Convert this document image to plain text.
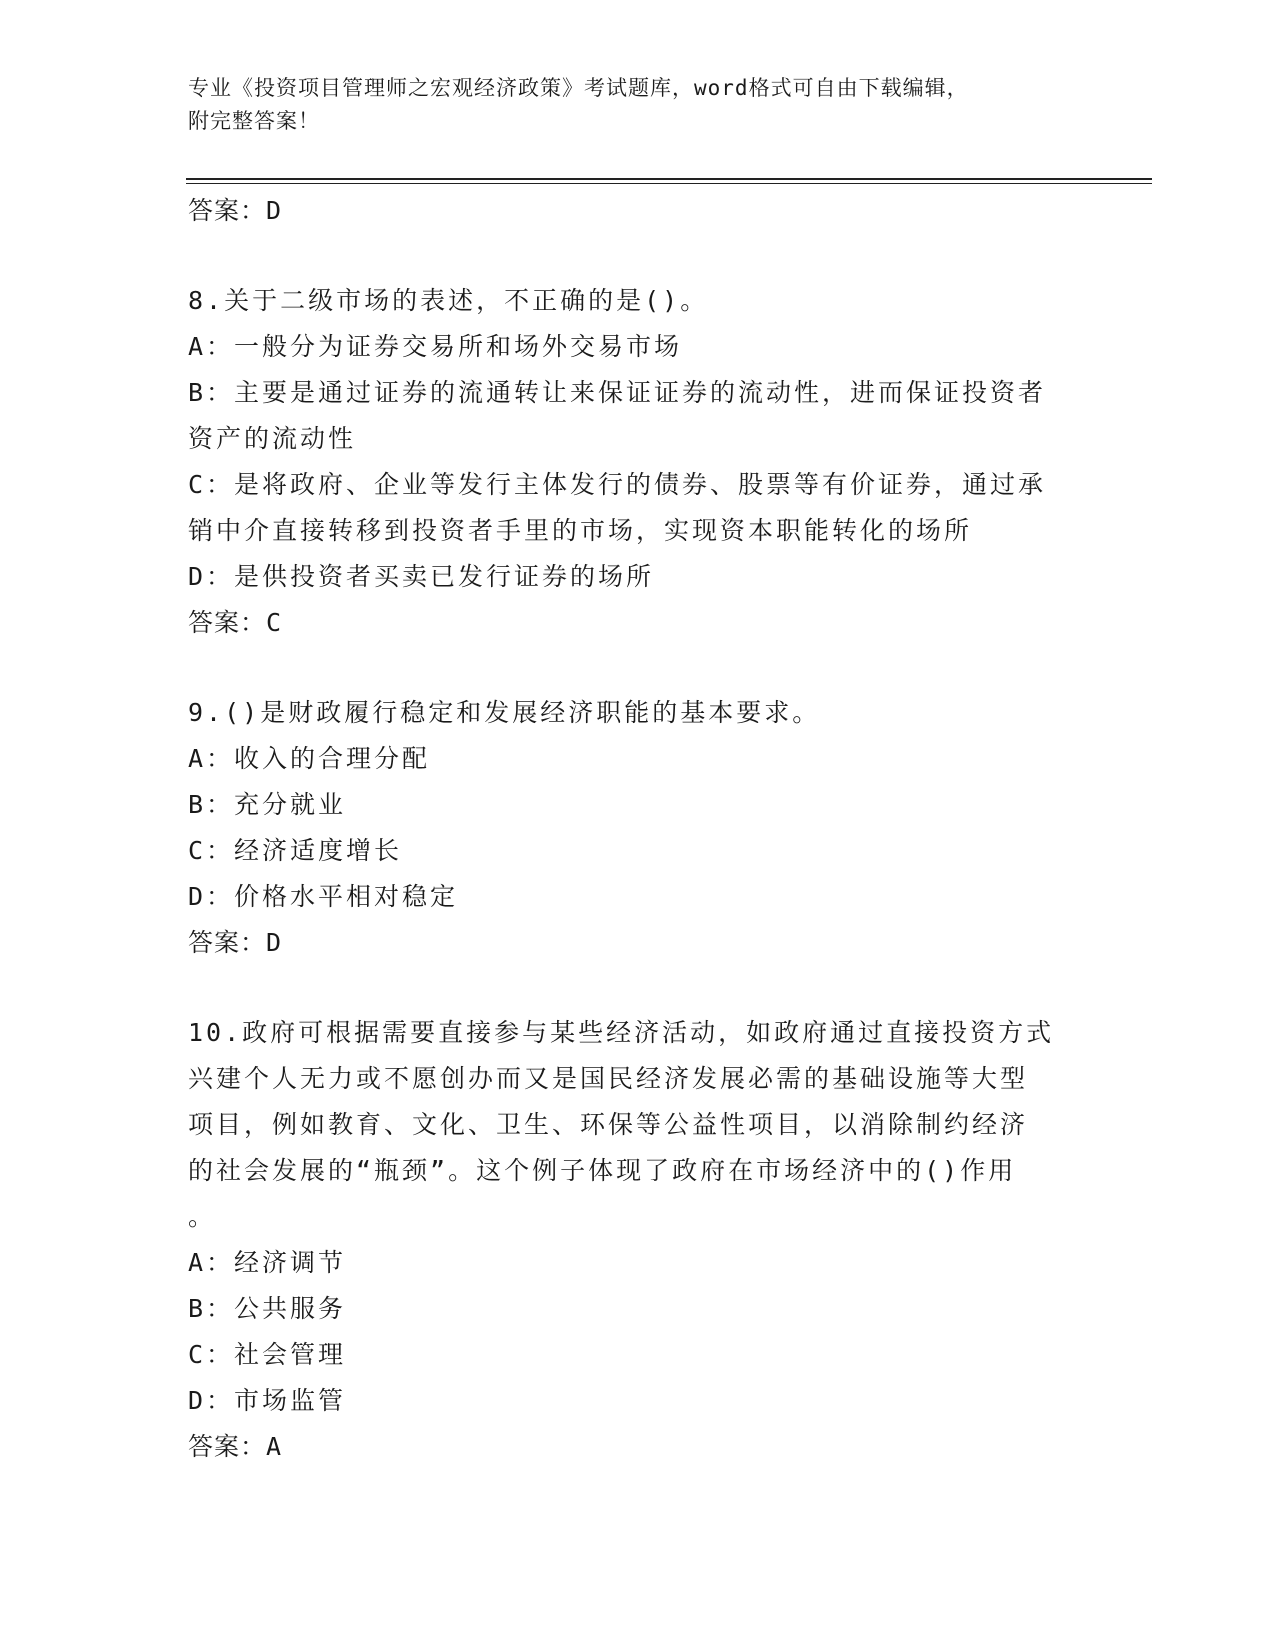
专业《投资项目管理师之宏观经济政策》考试题库，word格式可自由下载编辑，
附完整答案！
答案：D
8.关于二级市场的表述，不正确的是()。
A：一般分为证券交易所和场外交易市场
B：主要是通过证券的流通转让来保证证券的流动性，进而保证投资者
资产的流动性
C：是将政府、企业等发行主体发行的债券、股票等有价证券，通过承
销中介直接转移到投资者手里的市场，实现资本职能转化的场所
D：是供投资者买卖已发行证券的场所
答案：C
9.()是财政履行稳定和发展经济职能的基本要求。
A：收入的合理分配
B：充分就业
C：经济适度增长
D：价格水平相对稳定
答案：D
10.政府可根据需要直接参与某些经济活动，如政府通过直接投资方式
兴建个人无力或不愿创办而又是国民经济发展必需的基础设施等大型
项目，例如教育、文化、卫生、环保等公益性项目，以消除制约经济
的社会发展的“瓶颈”。这个例子体现了政府在市场经济中的()作用
。
A：经济调节
B：公共服务
C：社会管理
D：市场监管
答案：A
